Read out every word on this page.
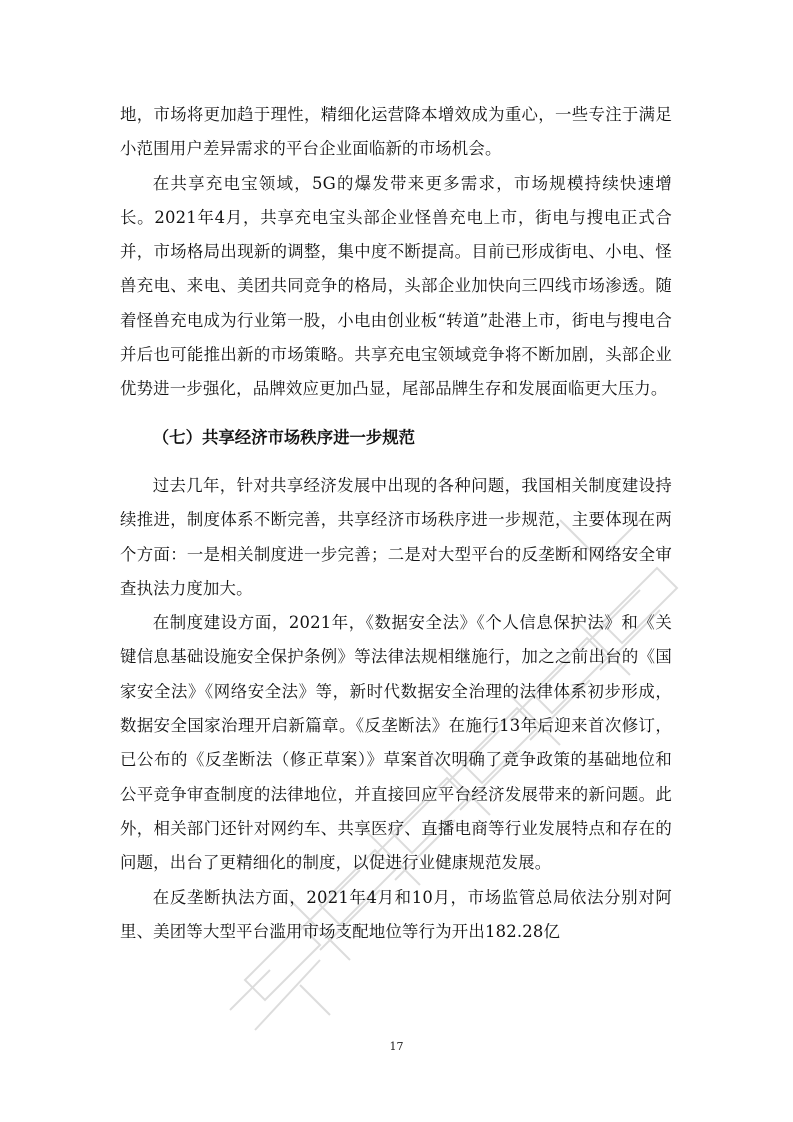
地，市场将更加趋于理性，精细化运营降本增效成为重心，一些专注于满足小范围用户差异需求的平台企业面临新的市场机会。

在共享充电宝领域，5G的爆发带来更多需求，市场规模持续快速增长。2021年4月，共享充电宝头部企业怪兽充电上市，街电与搜电正式合并，市场格局出现新的调整，集中度不断提高。目前已形成街电、小电、怪兽充电、来电、美团共同竞争的格局，头部企业加快向三四线市场渗透。随着怪兽充电成为行业第一股，小电由创业板“转道”赴港上市，街电与搜电合并后也可能推出新的市场策略。共享充电宝领域竞争将不断加剧，头部企业优势进一步强化，品牌效应更加凸显，尾部品牌生存和发展面临更大压力。

（七）共享经济市场秩序进一步规范

过去几年，针对共享经济发展中出现的各种问题，我国相关制度建设持续推进，制度体系不断完善，共享经济市场秩序进一步规范，主要体现在两个方面：一是相关制度进一步完善；二是对大型平台的反垄断和网络安全审查执法力度加大。

在制度建设方面，2021年，《数据安全法》《个人信息保护法》和《关键信息基础设施安全保护条例》等法律法规相继施行，加之之前出台的《国家安全法》《网络安全法》等，新时代数据安全治理的法律体系初步形成，数据安全国家治理开启新篇章。《反垄断法》在施行13年后迎来首次修订，已公布的《反垄断法（修正草案）》草案首次明确了竞争政策的基础地位和公平竞争审查制度的法律地位，并直接回应平台经济发展带来的新问题。此外，相关部门还针对网约车、共享医疗、直播电商等行业发展特点和存在的问题，出台了更精细化的制度，以促进行业健康规范发展。

在反垄断执法方面，2021年4月和10月，市场监管总局依法分别对阿里、美团等大型平台滥用市场支配地位等行为开出182.28亿

17
